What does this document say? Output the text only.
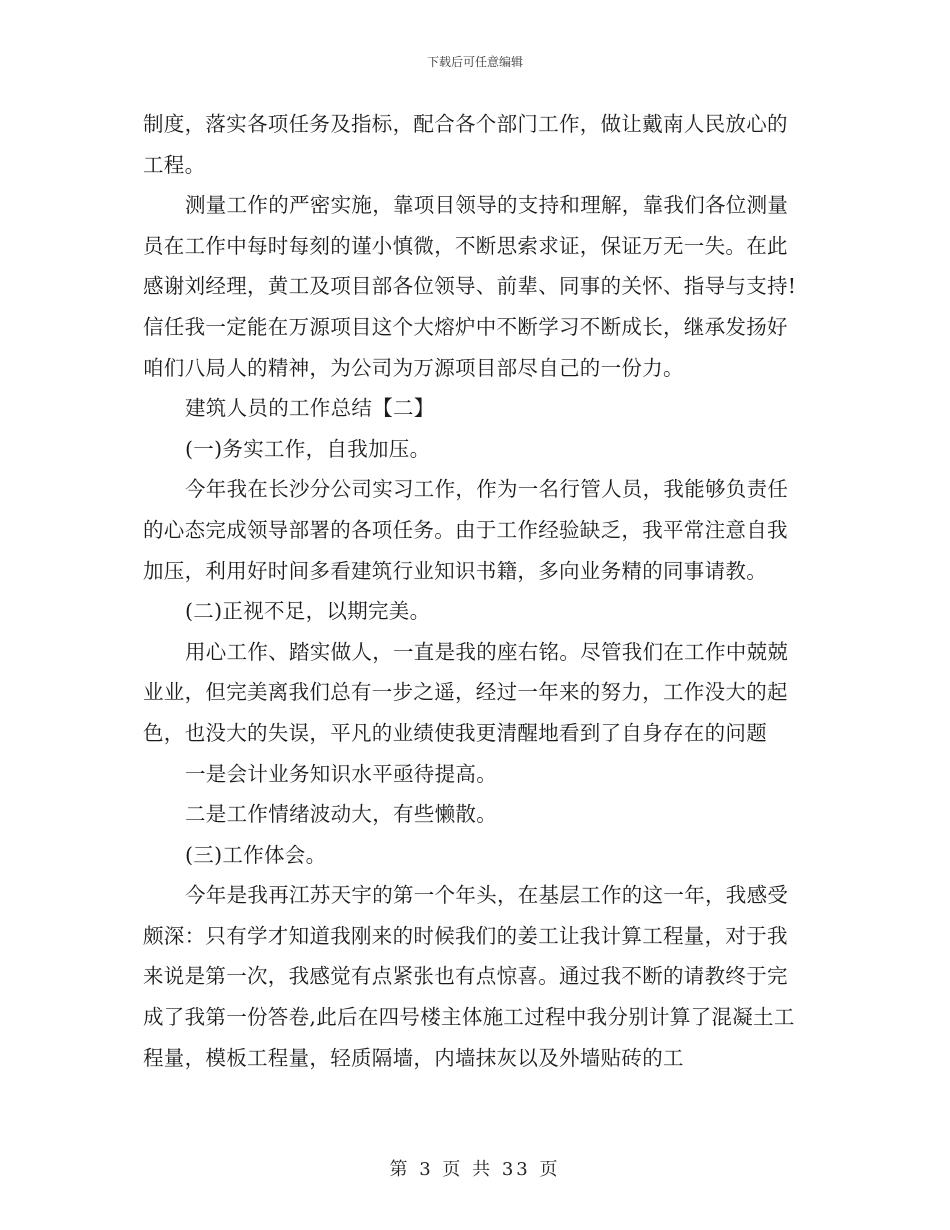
下载后可任意编辑

制度，落实各项任务及指标，配合各个部门工作，做让戴南人民放心的工程。

测量工作的严密实施，靠项目领导的支持和理解，靠我们各位测量员在工作中每时每刻的谨小慎微，不断思索求证，保证万无一失。在此感谢刘经理，黄工及项目部各位领导、前辈、同事的关怀、指导与支持!信任我一定能在万源项目这个大熔炉中不断学习不断成长，继承发扬好咱们八局人的精神，为公司为万源项目部尽自己的一份力。

建筑人员的工作总结【二】

(一)务实工作，自我加压。

今年我在长沙分公司实习工作，作为一名行管人员，我能够负责任的心态完成领导部署的各项任务。由于工作经验缺乏，我平常注意自我加压，利用好时间多看建筑行业知识书籍，多向业务精的同事请教。

(二)正视不足，以期完美。

用心工作、踏实做人，一直是我的座右铭。尽管我们在工作中兢兢业业，但完美离我们总有一步之遥，经过一年来的努力，工作没大的起色，也没大的失误，平凡的业绩使我更清醒地看到了自身存在的问题

一是会计业务知识水平亟待提高。

二是工作情绪波动大，有些懒散。

(三)工作体会。

今年是我再江苏天宇的第一个年头，在基层工作的这一年，我感受颇深：只有学才知道我刚来的时候我们的姜工让我计算工程量，对于我来说是第一次，我感觉有点紧张也有点惊喜。通过我不断的请教终于完成了我第一份答卷,此后在四号楼主体施工过程中我分别计算了混凝土工程量，模板工程量，轻质隔墙，内墙抹灰以及外墙贴砖的工

第 3 页 共 33 页
